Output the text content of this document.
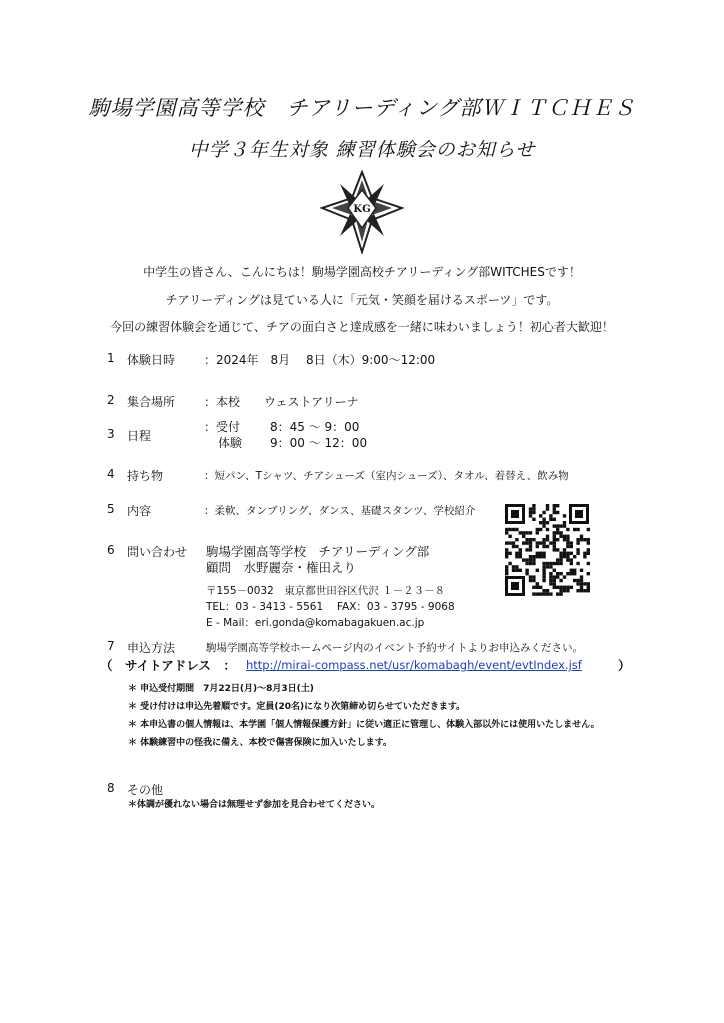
駒場学園高等学校　チアリーディング部ＷＩＴＣＨＥＳ
中学３年生対象 練習体験会のお知らせ
KG
中学生の皆さん、こんにちは！駒場学園高校チアリーディング部WITCHESです！
チアリーディングは見ている人に「元気・笑顔を届けるスポーツ」です。
今回の練習体験会を通じて、チアの面白さと達成感を一緒に味わいましょう！初心者大歓迎！
1 体験日時 ：2024年　8月　 8日（木）9:00～12:00
2 集合場所 ：本校　　ウェストアリーナ
3 日程
：受付 8：45 ～ 9：00
体験 9：00 ～ 12：00
4 持ち物	：短パン、Tシャツ、チアシューズ（室内シューズ）、タオル、着替え、飲み物
5 内容	：柔軟、タンブリング、ダンス、基礎スタンツ、学校紹介
6 問い合わせ 駒場学園高等学校　チアリーディング部
顧問　水野麗奈・権田えり
〒155－0032　東京都世田谷区代沢 １－２３－８
TEL：03 - 3413 - 5561　 FAX：03 - 3795 - 9068
E - Mail：eri.gonda@komabagakuen.ac.jp
7 申込方法	駒場学園高等学校ホームページ内のイベント予約サイトよりお申込みください。
（　サイトアドレス　： http://mirai-compass.net/usr/komabagh/event/evtIndex.jsf	）
＊ 申込受付期間　7月22日(月)～8月3日(土)
＊ 受け付けは申込先着順です。定員(20名)になり次第締め切らせていただきます。
＊ 本申込書の個人情報は、本学園「個人情報保護方針」に従い適正に管理し、体験入部以外には使用いたしません。
＊ 体験練習中の怪我に備え、本校で傷害保険に加入いたします。
8 その他
＊体調が優れない場合は無理せず参加を見合わせてください。
